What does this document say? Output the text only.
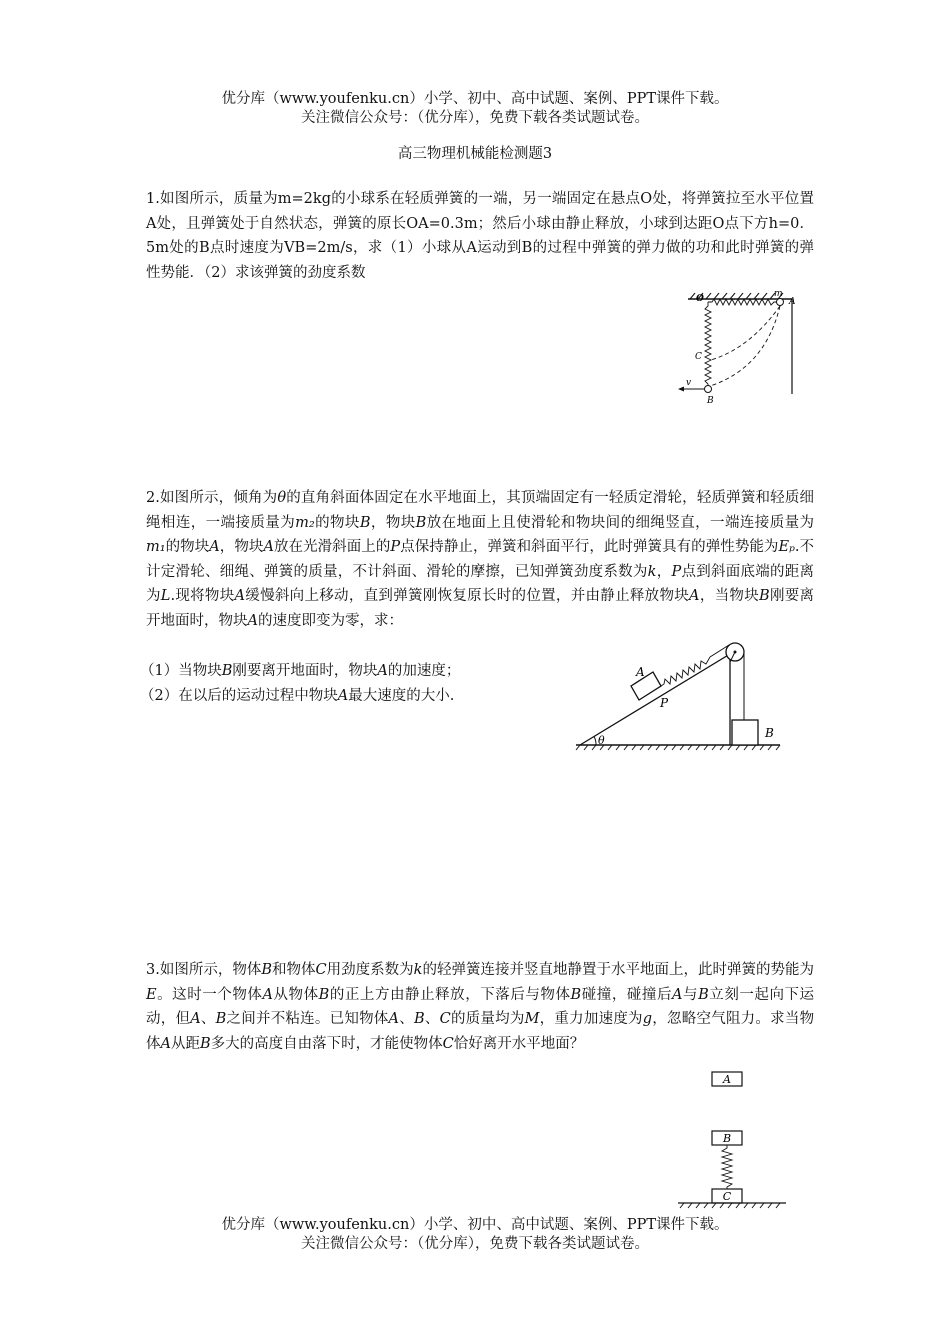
优分库（www.youfenku.cn）小学、初中、高中试题、案例、PPT课件下载。
关注微信公众号：（优分库），免费下载各类试题试卷。
高三物理机械能检测题3

1.如图所示，质量为m=2kg的小球系在轻质弹簧的一端，另一端固定在悬点O处，将弹簧拉至水平位置A处，且弹簧处于自然状态，弹簧的原长OA=0.3m；然后小球由静止释放，小球到达距O点下方h=0．5m处的B点时速度为VB=2m/s，求（1）小球从A运动到B的过程中弹簧的弹力做的功和此时弹簧的弹性势能．（2）求该弹簧的劲度系数

O	m
A
C
v
B

2.如图所示，倾角为θ的直角斜面体固定在水平地面上，其顶端固定有一轻质定滑轮，轻质弹簧和轻质细绳相连，一端接质量为m₂的物块B，物块B放在地面上且使滑轮和物块间的细绳竖直，一端连接质量为m₁的物块A，物块A放在光滑斜面上的P点保持静止，弹簧和斜面平行，此时弹簧具有的弹性势能为Eₚ.不计定滑轮、细绳、弹簧的质量，不计斜面、滑轮的摩擦，已知弹簧劲度系数为k，P点到斜面底端的距离为L.现将物块A缓慢斜向上移动，直到弹簧刚恢复原长时的位置，并由静止释放物块A，当物块B刚要离开地面时，物块A的速度即变为零，求：

（1）当物块B刚要离开地面时，物块A的加速度；

（2）在以后的运动过程中物块A最大速度的大小.

A
P
B
θ

3.如图所示，物体B和物体C用劲度系数为k的轻弹簧连接并竖直地静置于水平地面上，此时弹簧的势能为E。这时一个物体A从物体B的正上方由静止释放，下落后与物体B碰撞，碰撞后A与B立刻一起向下运动，但A、B之间并不粘连。已知物体A、B、C的质量均为M，重力加速度为g，忽略空气阻力。求当物体A从距B多大的高度自由落下时，才能使物体C恰好离开水平地面？

A
B
C
优分库（www.youfenku.cn）小学、初中、高中试题、案例、PPT课件下载。
关注微信公众号：（优分库），免费下载各类试题试卷。
